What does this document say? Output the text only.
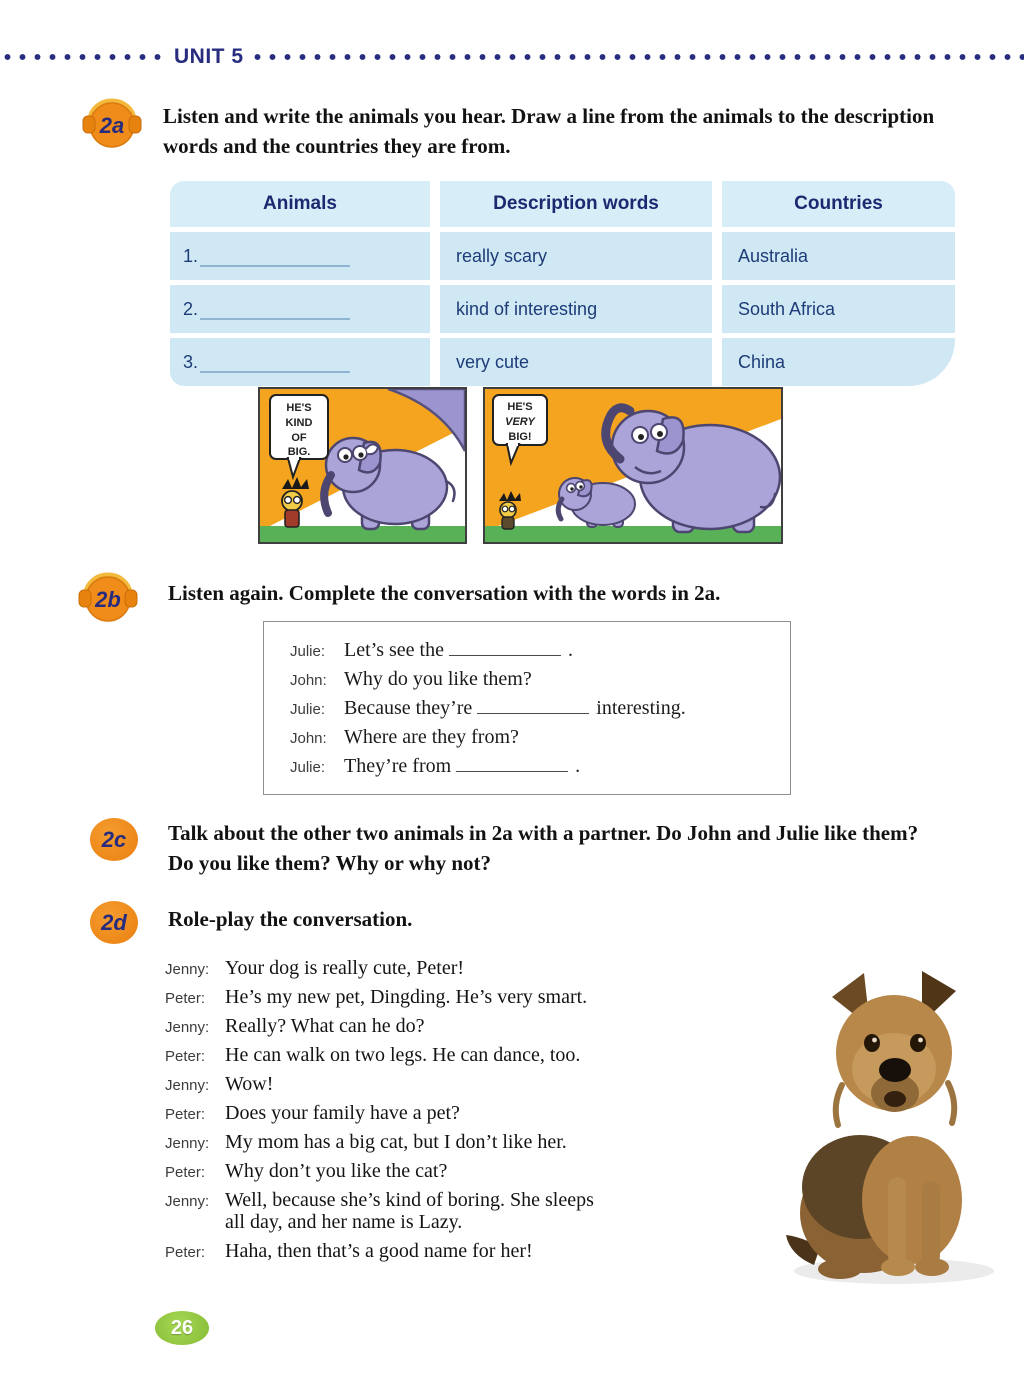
UNIT 5
2a Listen and write the animals you hear. Draw a line from the animals to the description words and the countries they are from.
Animals	Description words	Countries
1.	really scary	Australia
2.	kind of interesting	South Africa
3.	very cute	China
HE'S
KIND
OF
BIG.
HE'S
VERY
BIG!
2b Listen again. Complete the conversation with the words in 2a.
Julie: Let’s see the	.
John: Why do you like them?
Julie: Because they’re	interesting.
John: Where are they from?
Julie: They’re from	.
2c Talk about the other two animals in 2a with a partner. Do John and Julie like them? Do you like them? Why or why not?
2d Role-play the conversation.
Jenny: Your dog is really cute, Peter!
Peter: He’s my new pet, Dingding. He’s very smart.
Jenny: Really? What can he do?
Peter: He can walk on two legs. He can dance, too.
Jenny: Wow!
Peter: Does your family have a pet?
Jenny: My mom has a big cat, but I don’t like her.
Peter: Why don’t you like the cat?
Jenny: Well, because she’s kind of boring. She sleeps
all day, and her name is Lazy.
Peter: Haha, then that’s a good name for her!
26
